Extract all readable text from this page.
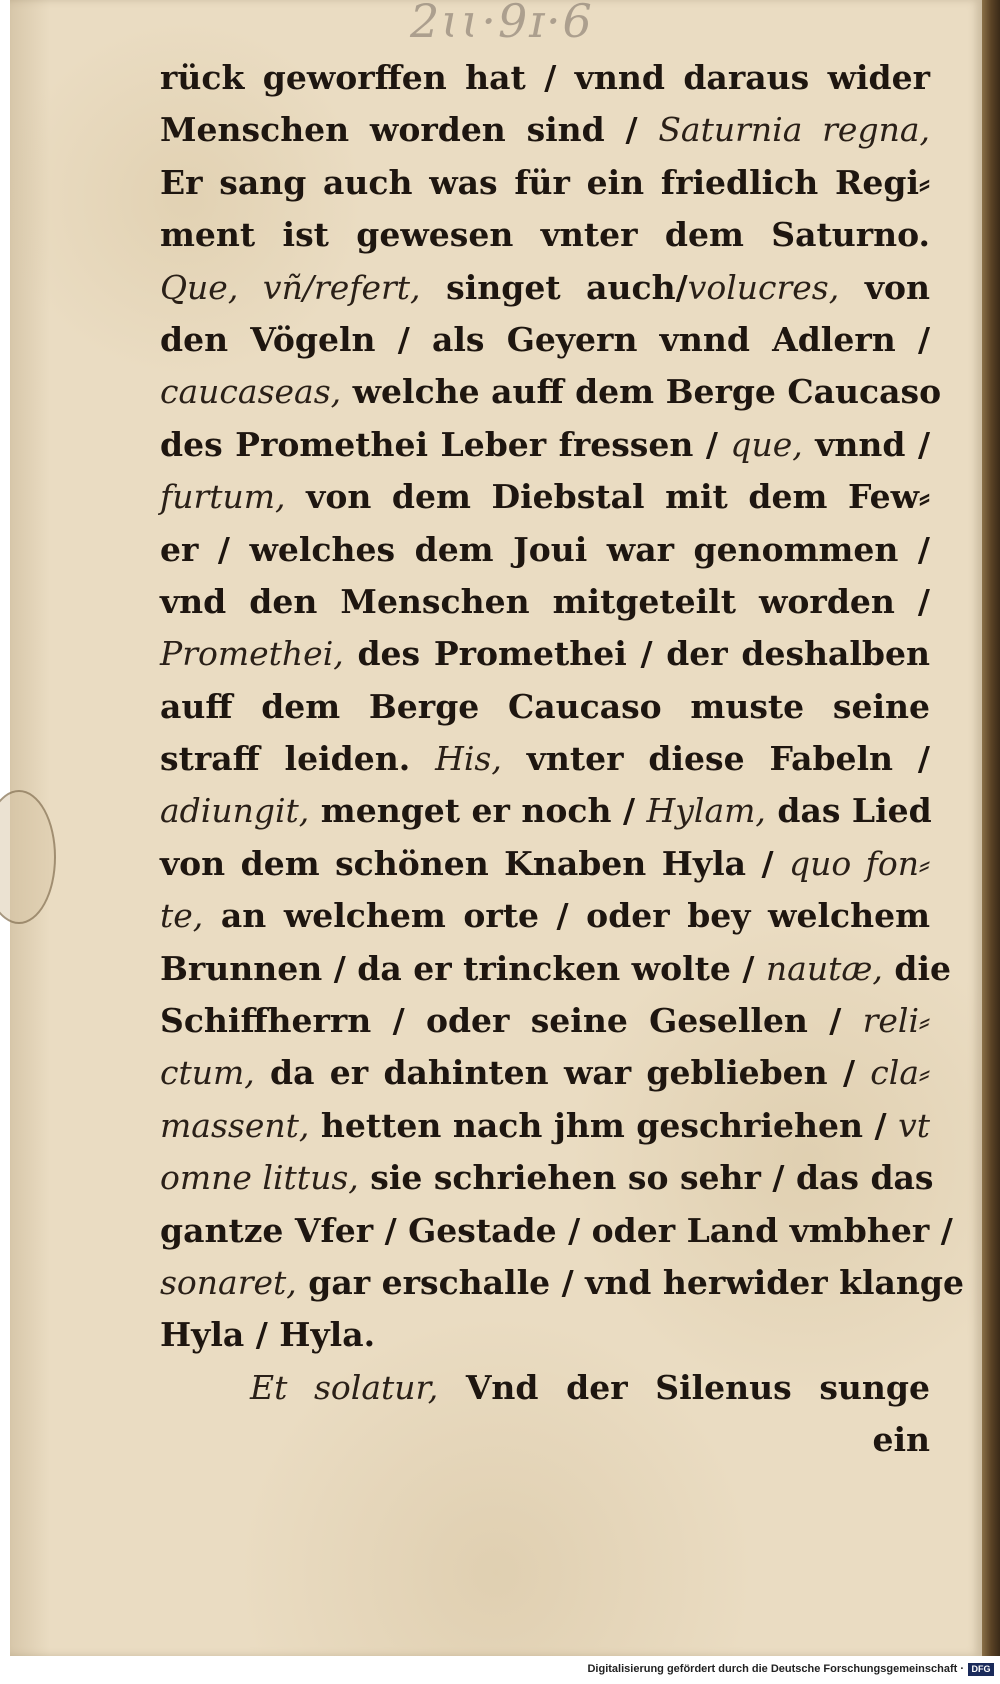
2ɩɩ·9ɪ·6
rück geworffen hat / vnnd daraus wider
Menschen worden sind / Saturnia regna,
Er sang auch was für ein friedlich Regi⸗
ment ist gewesen vnter dem Saturno.
Que, vñ/refert, singet auch/volucres, von
den Vögeln / als Geyern vnnd Adlern /
caucaseas, welche auff dem Berge Caucaso
des Promethei Leber fressen / que, vnnd /
furtum, von dem Diebstal mit dem Few⸗
er / welches dem Joui war genommen /
vnd den Menschen mitgeteilt worden /
Promethei, des Promethei / der deshalben
auff dem Berge Caucaso muste seine
straff leiden. His, vnter diese Fabeln /
adiungit, menget er noch / Hylam, das Lied
von dem schönen Knaben Hyla / quo fon⸗
te, an welchem orte / oder bey welchem
Brunnen / da er trincken wolte / nautæ, die
Schiffherrn / oder seine Gesellen / reli⸗
ctum, da er dahinten war geblieben / cla⸗
massent, hetten nach jhm geschriehen / vt
omne littus, sie schriehen so sehr / das das
gantze Vfer / Gestade / oder Land vmbher /
sonaret, gar erschalle / vnd herwider klange
Hyla / Hyla.
Et solatur, Vnd der Silenus sunge
ein
Digitalisierung gefördert durch die Deutsche Forschungsgemeinschaft · DFG
